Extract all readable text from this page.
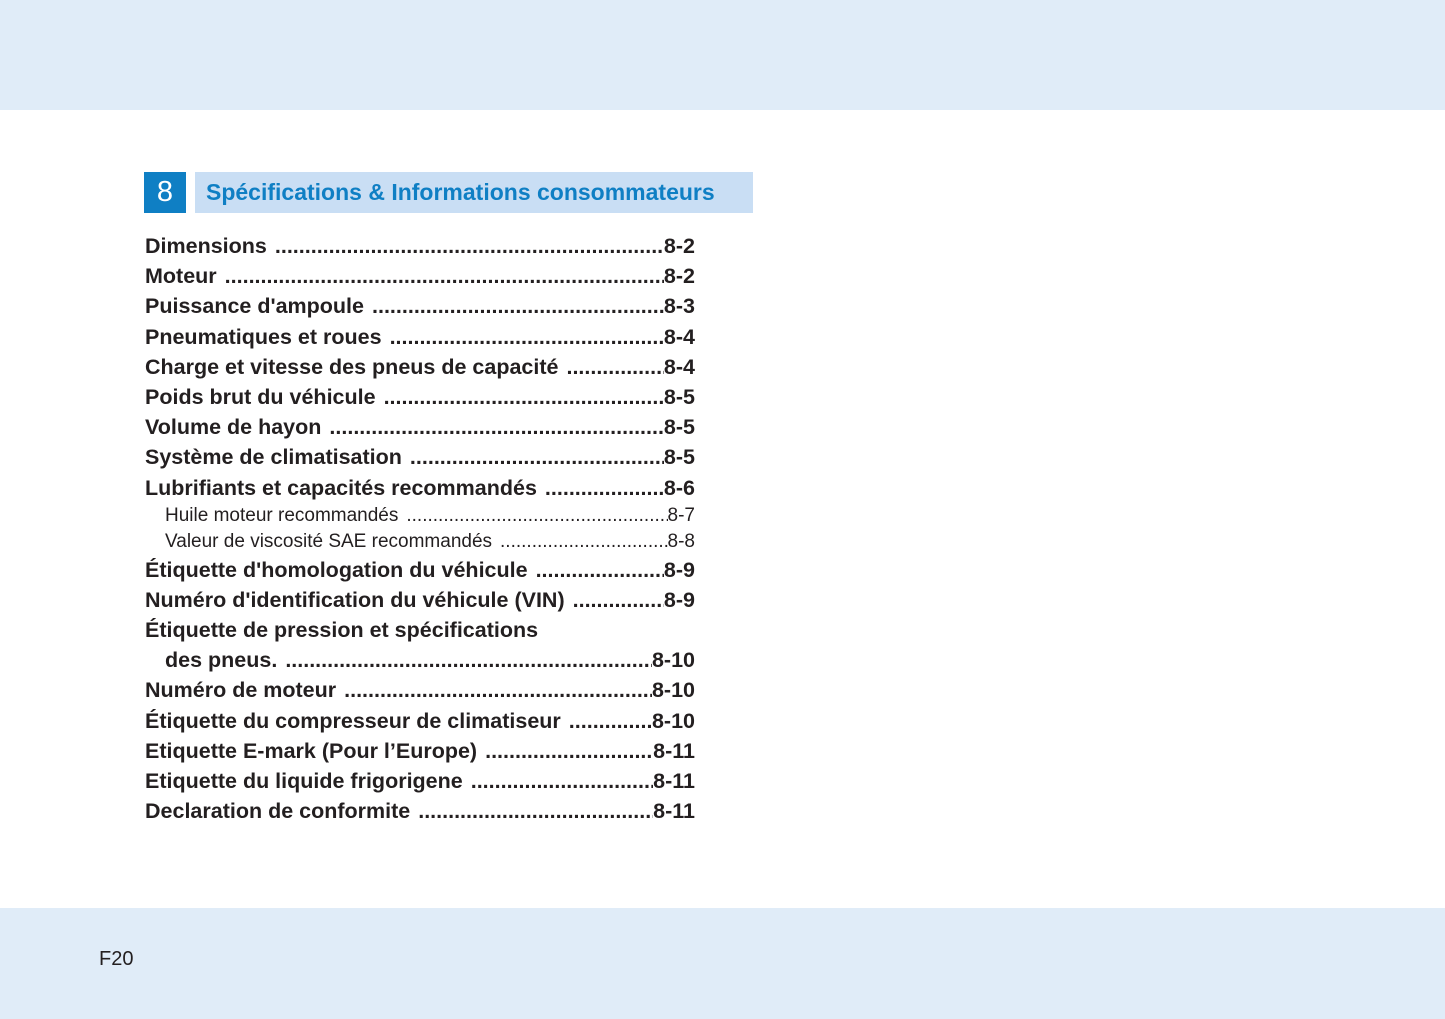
8	Spécifications & Informations consommateurs
Dimensions .....	8-2
Moteur .....	8-2
Puissance d'ampoule .....	8-3
Pneumatiques et roues .....	8-4
Charge et vitesse des pneus de capacité .....	8-4
Poids brut du véhicule .....	8-5
Volume de hayon .....	8-5
Système de climatisation .....	8-5
Lubrifiants et capacités recommandés .....	8-6
Huile moteur recommandés .....	8-7
Valeur de viscosité SAE recommandés .....	8-8
Étiquette d'homologation du véhicule .....	8-9
Numéro d'identification du véhicule (VIN) .....	8-9
Étiquette de pression et spécifications
des pneus. .....	8-10
Numéro de moteur .....	8-10
Étiquette du compresseur de climatiseur .....	8-10
Etiquette E-mark (Pour l’Europe) .....	8-11
Etiquette du liquide frigorigene .....	8-11
Declaration de conformite .....	8-11
F20
